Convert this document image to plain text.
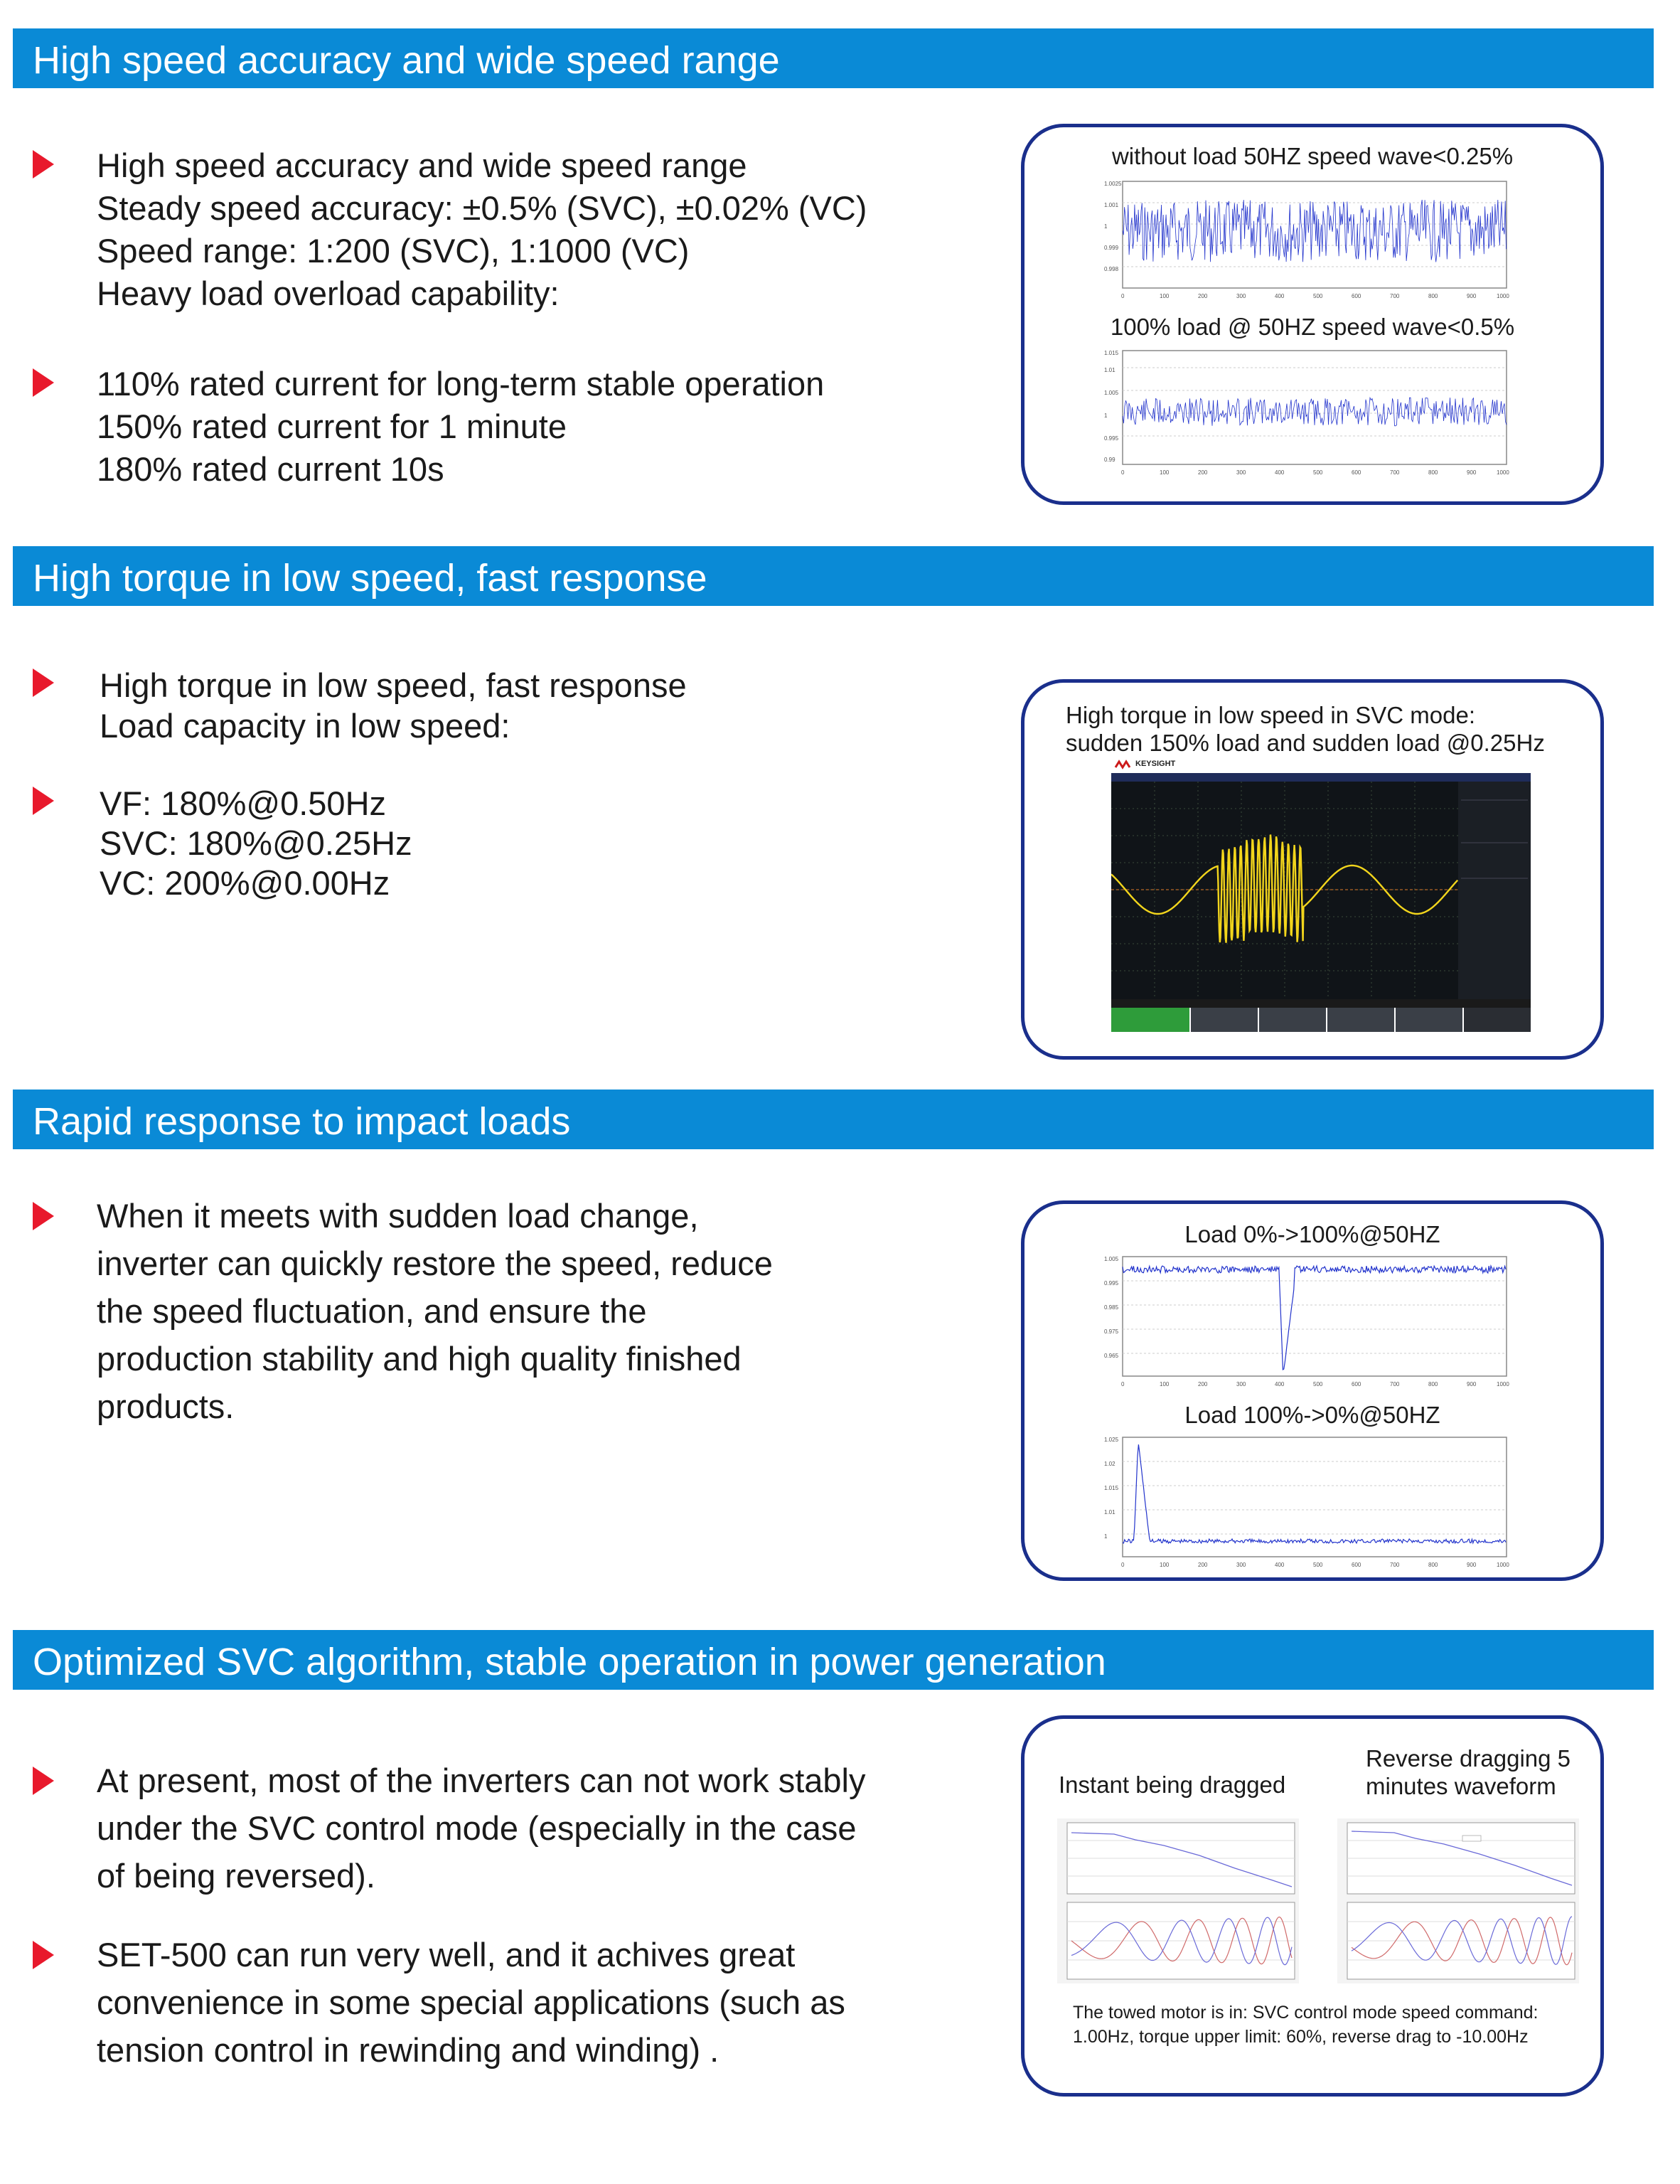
High speed accuracy and wide speed range
High speed accuracy and wide speed range
Steady speed accuracy: ±0.5% (SVC), ±0.02% (VC)
Speed range: 1:200 (SVC), 1:1000 (VC)
Heavy load overload capability:
110% rated current for long-term stable operation
150% rated current for 1 minute
180% rated current 10s
without load 50HZ speed wave<0.25%
1.0025
1.001
1
0.999
0.998
0	100	200	300	400	500	600	700	800	900	1000
100% load @ 50HZ speed wave<0.5%
1.015
1.01
1.005
1
0.995
0.99
0	100	200	300	400	500	600	700	800	900	1000
High torque in low speed, fast response
High torque in low speed, fast response
Load capacity in low speed:
VF: 180%@0.50Hz
SVC: 180%@0.25Hz
VC: 200%@0.00Hz
High torque in low speed in SVC mode:
sudden 150% load and sudden load @0.25Hz
KEYSIGHT
Rapid response to impact loads
When it meets with sudden load change,
inverter can quickly restore the speed, reduce
the speed fluctuation, and ensure the
production stability and high quality finished
products.
Load 0%->100%@50HZ
1.005
0.995
0.985
0.975
0.965
0	100	200	300	400	500	600	700	800	900	1000
Load 100%->0%@50HZ
1.025
1.02
1.015
1.01
1
0	100	200	300	400	500	600	700	800	900	1000
Optimized SVC algorithm, stable operation in power generation
At present, most of the inverters can not work stably
under the SVC control mode (especially in the case
of being reversed).
SET-500 can run very well, and it achives great
convenience in some special applications (such as
tension control in rewinding and winding) .
Instant being dragged
Reverse dragging 5
minutes waveform
The towed motor is in: SVC control mode speed command:
1.00Hz, torque upper limit: 60%, reverse drag to -10.00Hz
